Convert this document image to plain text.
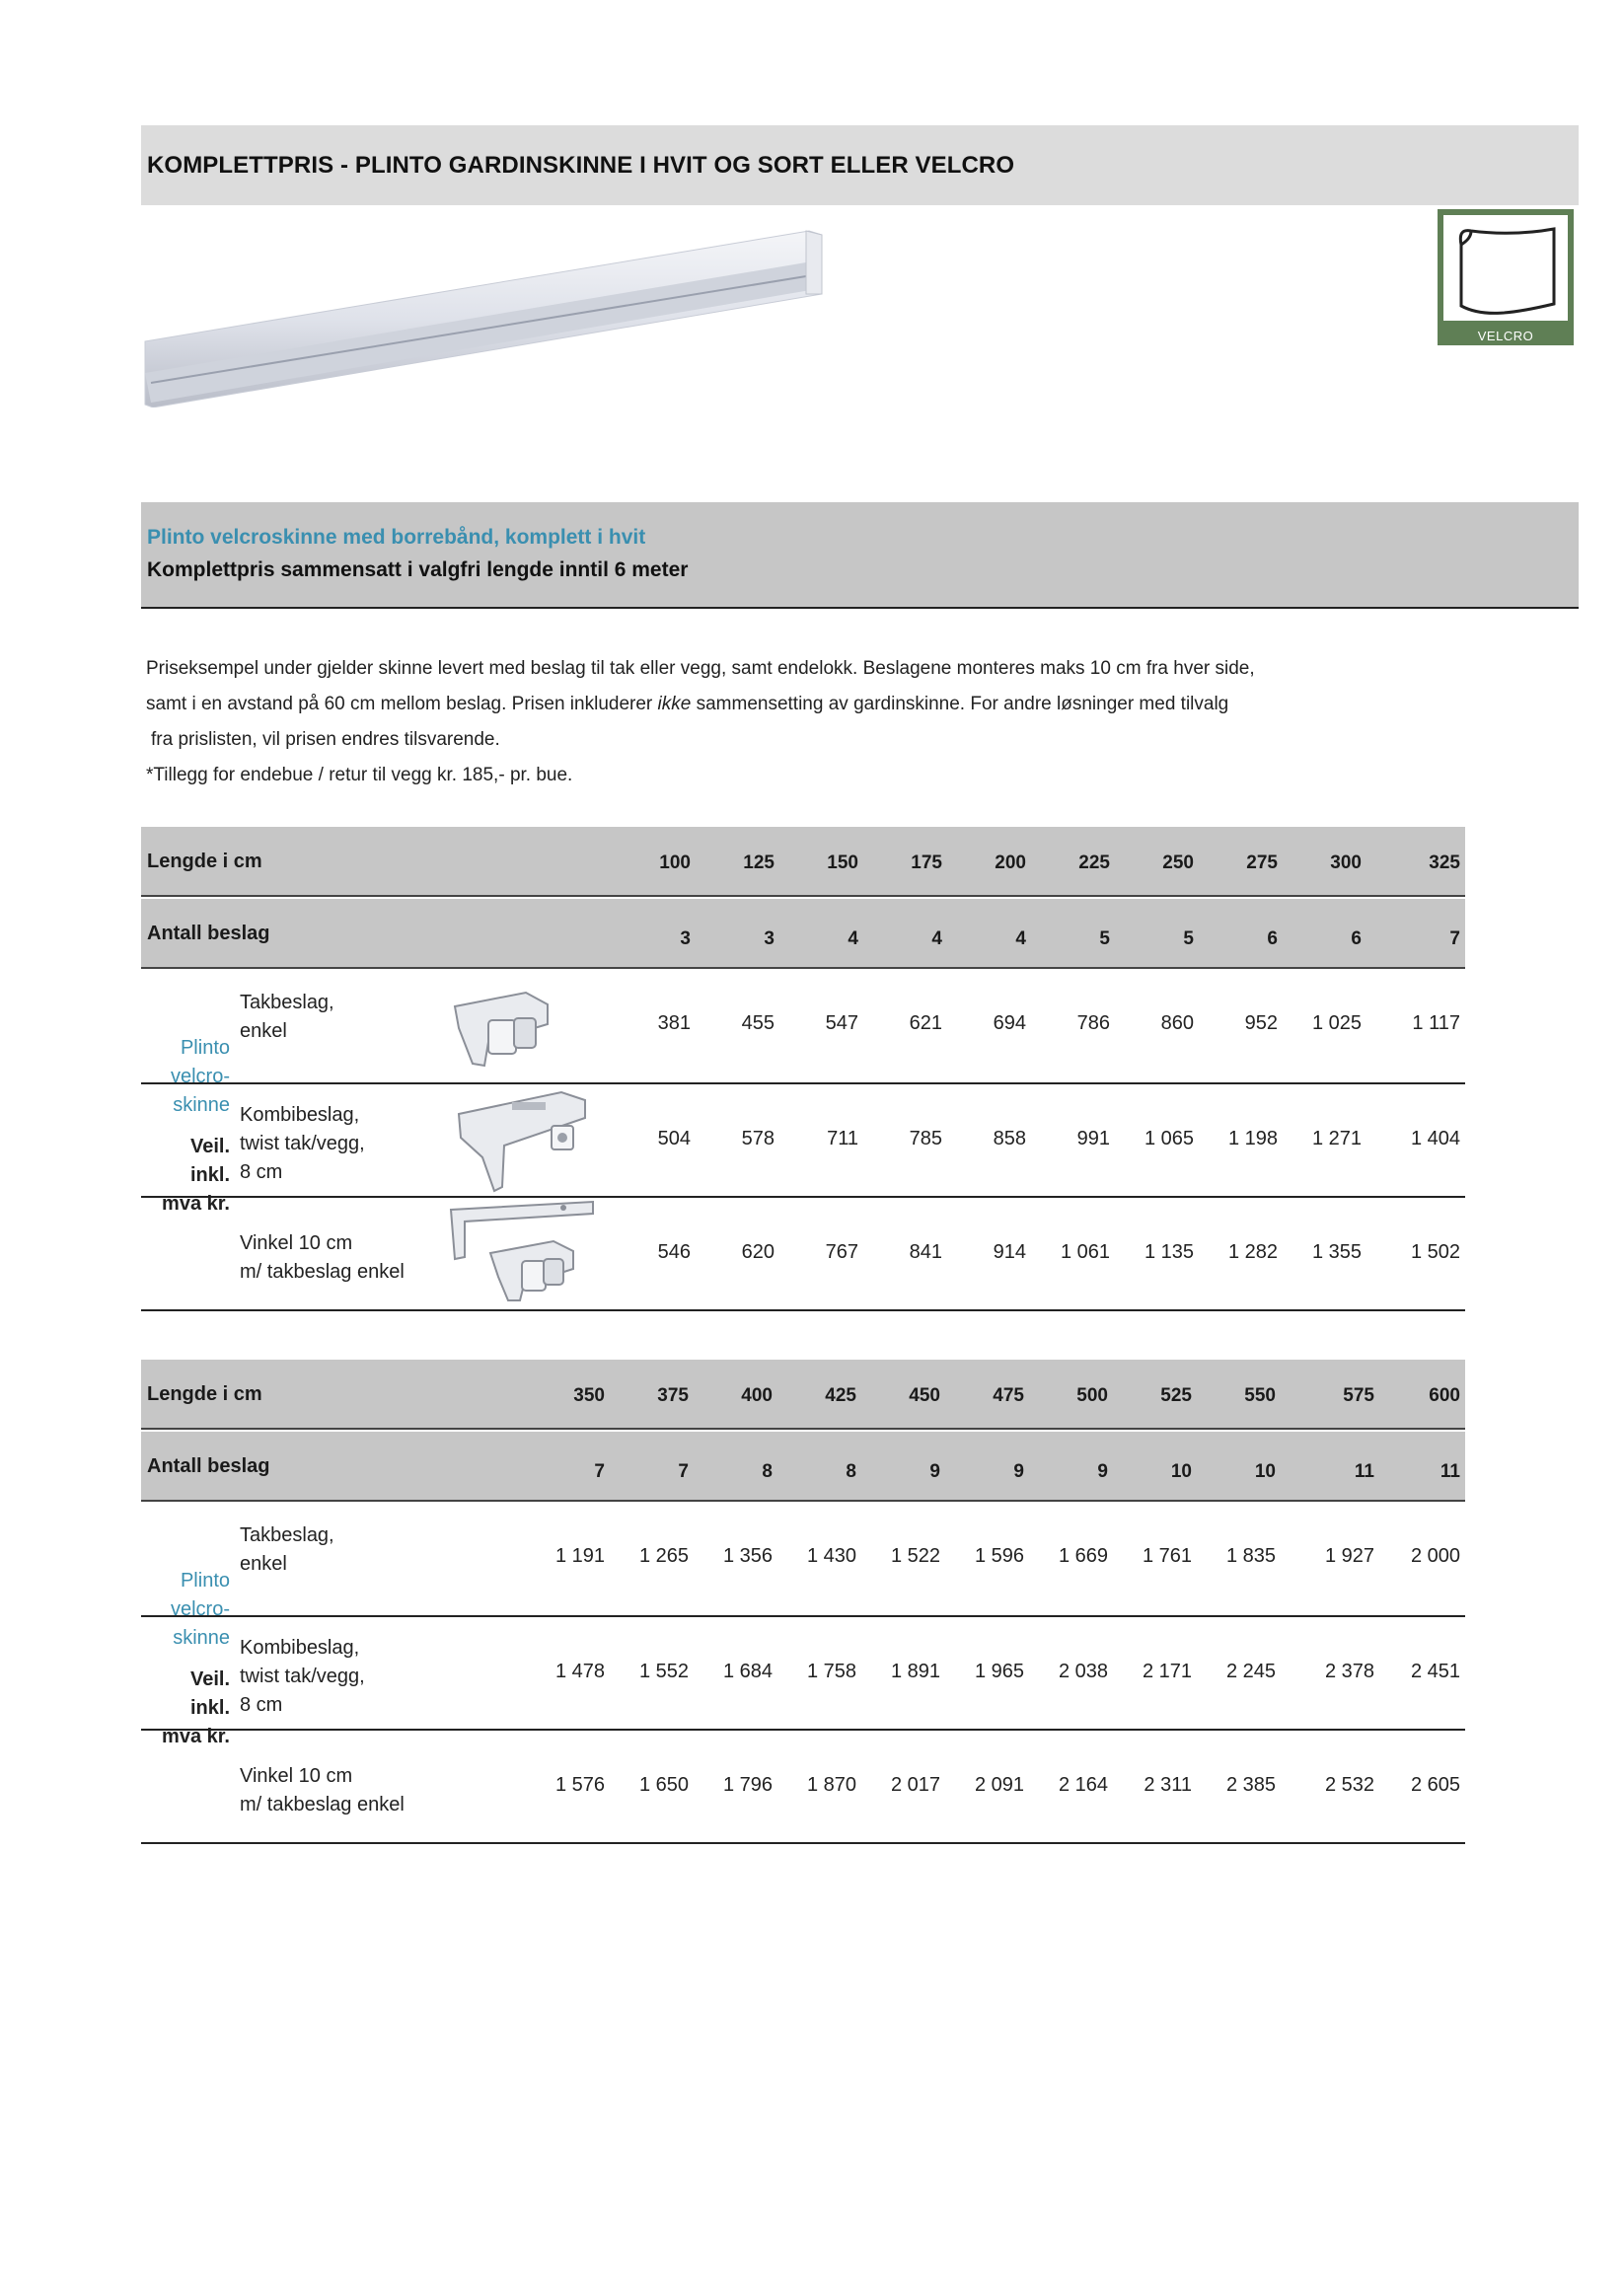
KOMPLETTPRIS - PLINTO GARDINSKINNE I HVIT OG SORT ELLER VELCRO
VELCRO
Plinto velcroskinne med borrebånd, komplett i hvit
Komplettpris sammensatt i valgfri lengde inntil 6 meter
Priseksempel under gjelder skinne levert med beslag til tak eller vegg, samt endelokk. Beslagene monteres maks 10 cm fra hver side,
samt i en avstand på 60 cm mellom beslag. Prisen inkluderer ikke sammensetting av gardinskinne. For andre løsninger med tilvalg
fra prislisten, vil prisen endres tilsvarende.
*Tillegg for endebue / retur til vegg kr. 185,- pr. bue.
Lengde i cm	100	125	150	175	200	225	250	275	300	325
Antall beslag	3	3	4	4	4	5	5	6	6	7
Takbeslag,
enkel	381	455	547	621	694	786	860	952	1 025	1 117
Kombibeslag,
twist tak/vegg,
8 cm
504	578	711	785	858	991	1 065	1 198	1 271	1 404
Vinkel 10 cm
m/ takbeslag enkel
546	620	767	841	914	1 061	1 135	1 282	1 355	1 502
Plinto
velcro-
skinne
Veil.
inkl.
mva kr.
Lengde i cm	350	375	400	425	450	475	500	525	550	575	600
Antall beslag	7	7	8	8	9	9	9	10	10	11	11
Takbeslag,
enkel	1 191	1 265	1 356	1 430	1 522	1 596	1 669	1 761	1 835	1 927	2 000
Kombibeslag,
twist tak/vegg,
8 cm
1 478	1 552	1 684	1 758	1 891	1 965	2 038	2 171	2 245	2 378	2 451
Vinkel 10 cm
m/ takbeslag enkel
1 576	1 650	1 796	1 870	2 017	2 091	2 164	2 311	2 385	2 532	2 605
Plinto
velcro-
skinne
Veil.
inkl.
mva kr.
